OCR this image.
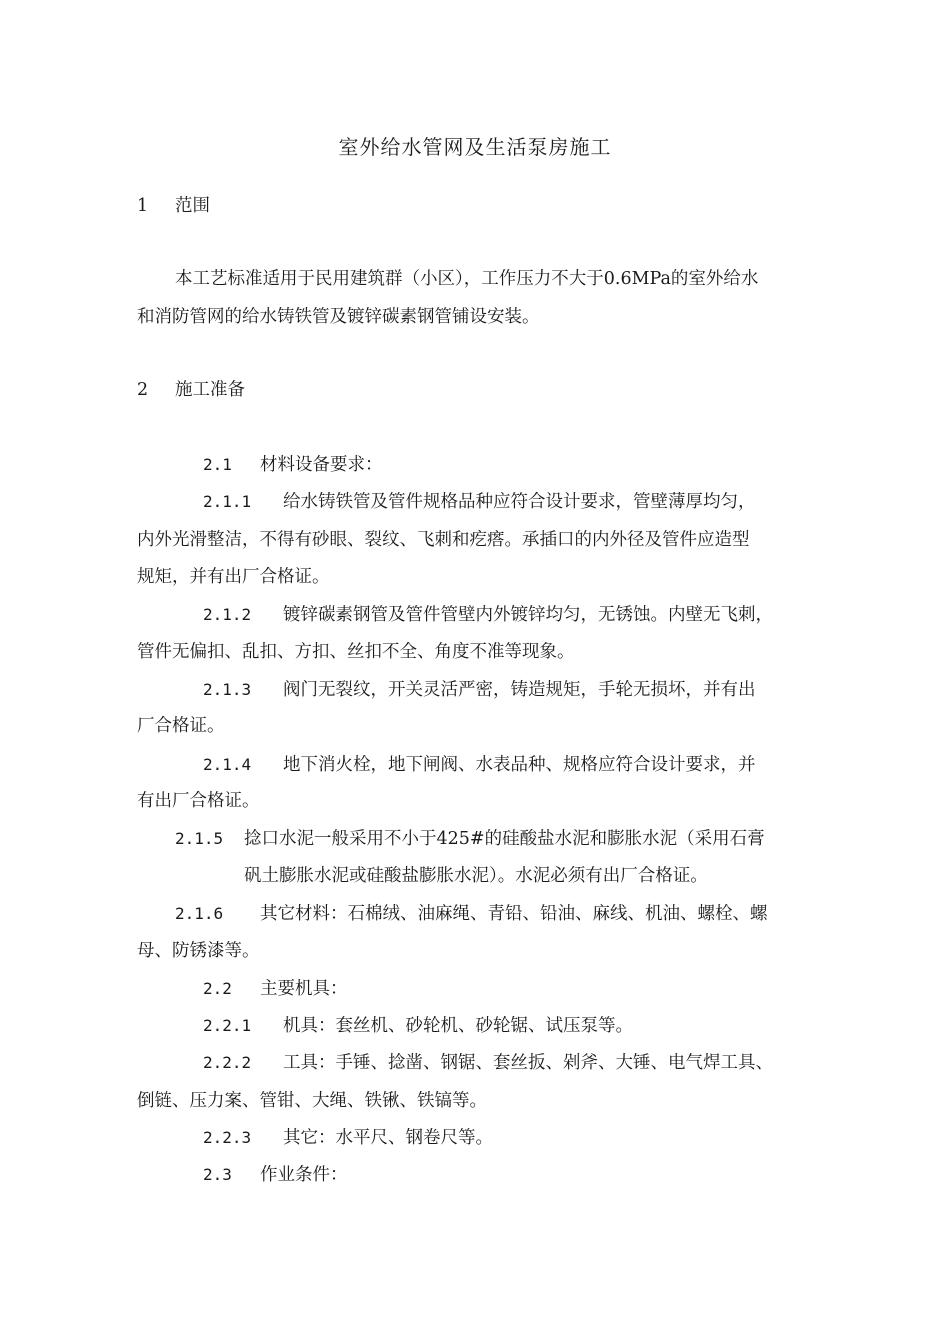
室外给水管网及生活泵房施工
1 范围
本工艺标准适用于民用建筑群（小区），工作压力不大于0.6MPa的室外给水
和消防管网的给水铸铁管及镀锌碳素钢管铺设安装。
2 施工准备
2.1 材料设备要求：
2.1.1 给水铸铁管及管件规格品种应符合设计要求，管壁薄厚均匀，
内外光滑整洁，不得有砂眼、裂纹、飞刺和疙瘩。承插口的内外径及管件应造型
规矩，并有出厂合格证。
2.1.2 镀锌碳素钢管及管件管壁内外镀锌均匀，无锈蚀。内壁无飞刺，
管件无偏扣、乱扣、方扣、丝扣不全、角度不准等现象。
2.1.3 阀门无裂纹，开关灵活严密，铸造规矩，手轮无损坏，并有出
厂合格证。
2.1.4 地下消火栓，地下闸阀、水表品种、规格应符合设计要求，并
有出厂合格证。
2.1.5 捻口水泥一般采用不小于425#的硅酸盐水泥和膨胀水泥（采用石膏
矾土膨胀水泥或硅酸盐膨胀水泥）。水泥必须有出厂合格证。
2.1.6 其它材料：石棉绒、油麻绳、青铅、铅油、麻线、机油、螺栓、螺
母、防锈漆等。
2.2 主要机具：
2.2.1 机具：套丝机、砂轮机、砂轮锯、试压泵等。
2.2.2 工具：手锤、捻凿、钢锯、套丝扳、剁斧、大锤、电气焊工具、
倒链、压力案、管钳、大绳、铁锹、铁镐等。
2.2.3 其它：水平尺、钢卷尺等。
2.3 作业条件：
